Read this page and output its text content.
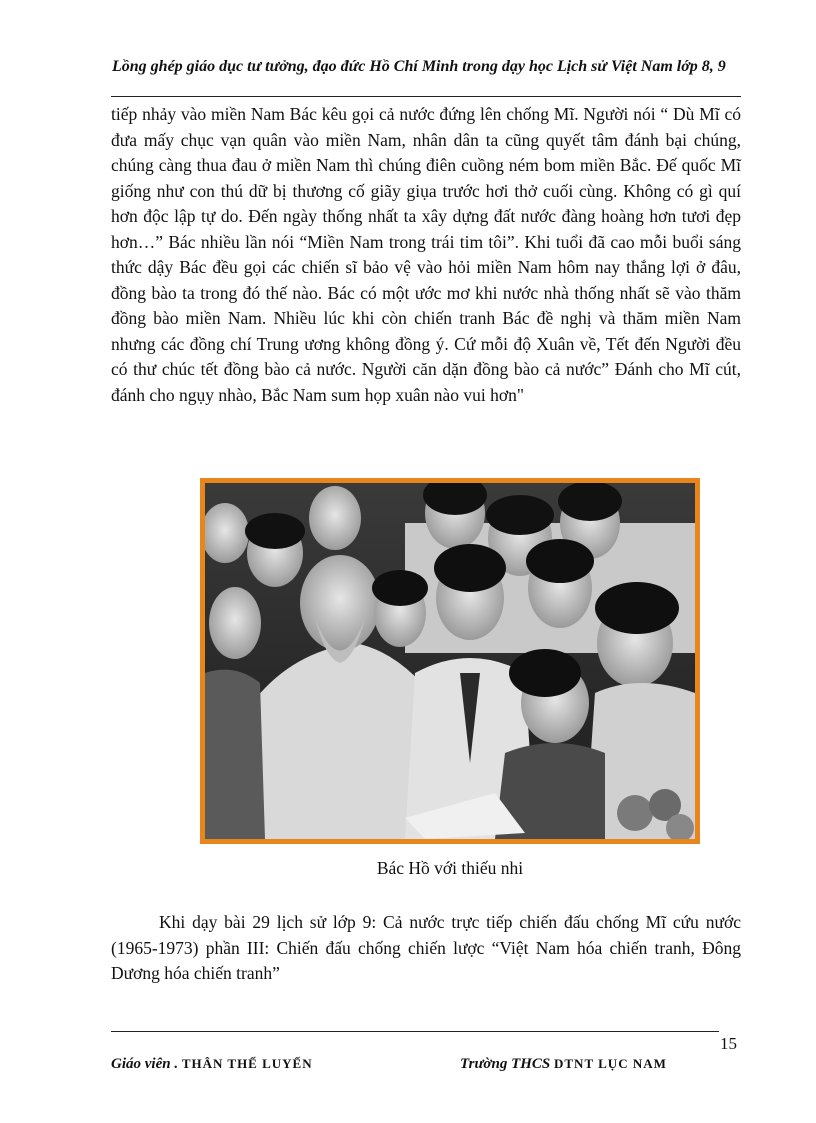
Lồng ghép giáo dục tư tưởng, đạo đức Hồ Chí Minh trong dạy học Lịch sử Việt Nam lớp 8, 9

tiếp nhảy vào miền Nam Bác kêu gọi cả nước đứng lên chống Mĩ. Người nói “ Dù Mĩ có đưa mấy chục vạn quân vào miền Nam, nhân dân ta cũng quyết tâm đánh bại chúng, chúng càng thua đau ở miền Nam thì chúng điên cuồng ném bom miền Bắc. Đế quốc Mĩ giống như con thú dữ bị thương cố giãy giụa trước hơi thở cuối cùng. Không có gì quí hơn độc lập tự do. Đến ngày thống nhất ta xây dựng đất nước đàng hoàng hơn tươi đẹp hơn…” Bác nhiều lần nói “Miền Nam trong trái tim tôi”. Khi tuổi đã cao mỗi buổi sáng thức dậy Bác đều gọi các chiến sĩ bảo vệ vào hỏi miền Nam hôm nay thắng lợi ở đâu, đồng bào ta trong đó thế nào. Bác có một ước mơ khi nước nhà thống nhất sẽ vào thăm đồng bào miền Nam. Nhiều lúc khi còn chiến tranh Bác đề nghị và thăm miền Nam nhưng các đồng chí Trung ương không đồng ý. Cứ mỗi độ Xuân về, Tết đến Người đều có thư chúc tết đồng bào cả nước. Người căn dặn đồng bào cả nước” Đánh cho Mĩ cút, đánh cho ngụy nhào, Bắc Nam sum họp xuân nào vui hơn"

Bác Hồ với thiếu nhi

Khi dạy bài 29 lịch sử lớp 9: Cả nước trực tiếp chiến đấu chống Mĩ cứu nước (1965-1973) phần III: Chiến đấu chống chiến lược “Việt Nam hóa chiến tranh, Đông Dương hóa chiến tranh”

15
Giáo viên . THÂN THẾ LUYẾN	Trường THCS DTNT LỤC NAM
